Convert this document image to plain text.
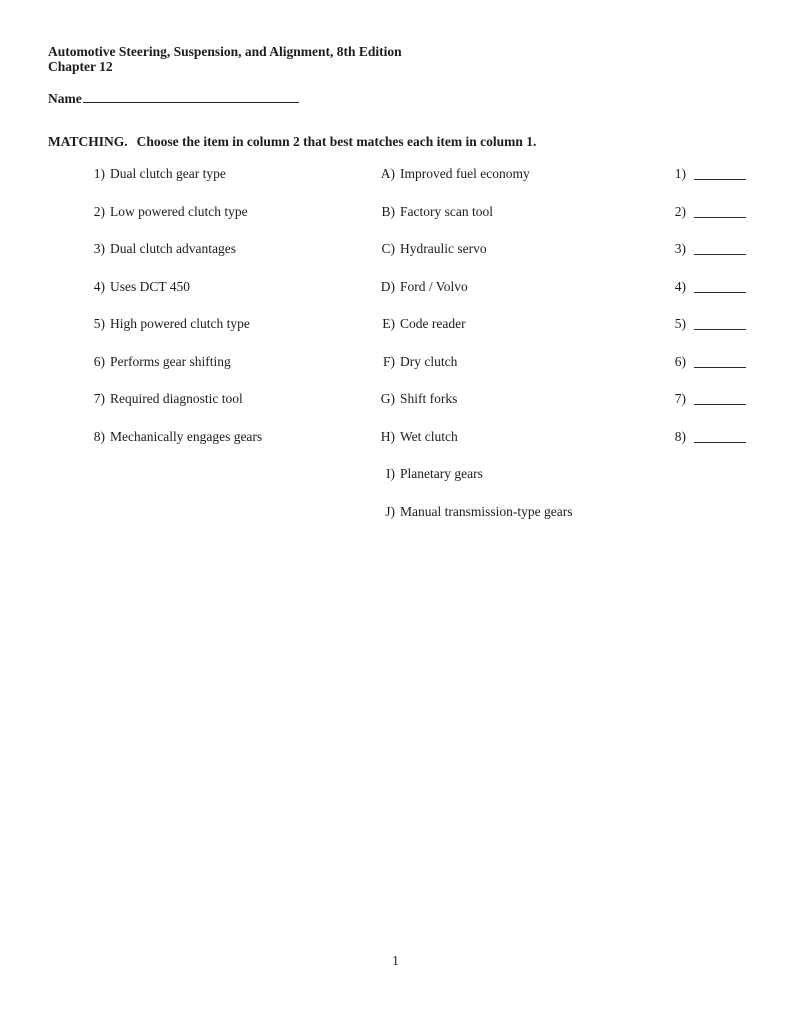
Automotive Steering, Suspension, and Alignment, 8th Edition
Chapter 12
Name
MATCHING. Choose the item in column 2 that best matches each item in column 1.
1) Dual clutch gear type	A) Improved fuel economy	1)
2) Low powered clutch type	B) Factory scan tool	2)
3) Dual clutch advantages	C) Hydraulic servo	3)
4) Uses DCT 450	D) Ford / Volvo	4)
5) High powered clutch type	E) Code reader	5)
6) Performs gear shifting	F) Dry clutch	6)
7) Required diagnostic tool	G) Shift forks	7)
8) Mechanically engages gears	H) Wet clutch	8)
I) Planetary gears
J) Manual transmission-type gears
1
